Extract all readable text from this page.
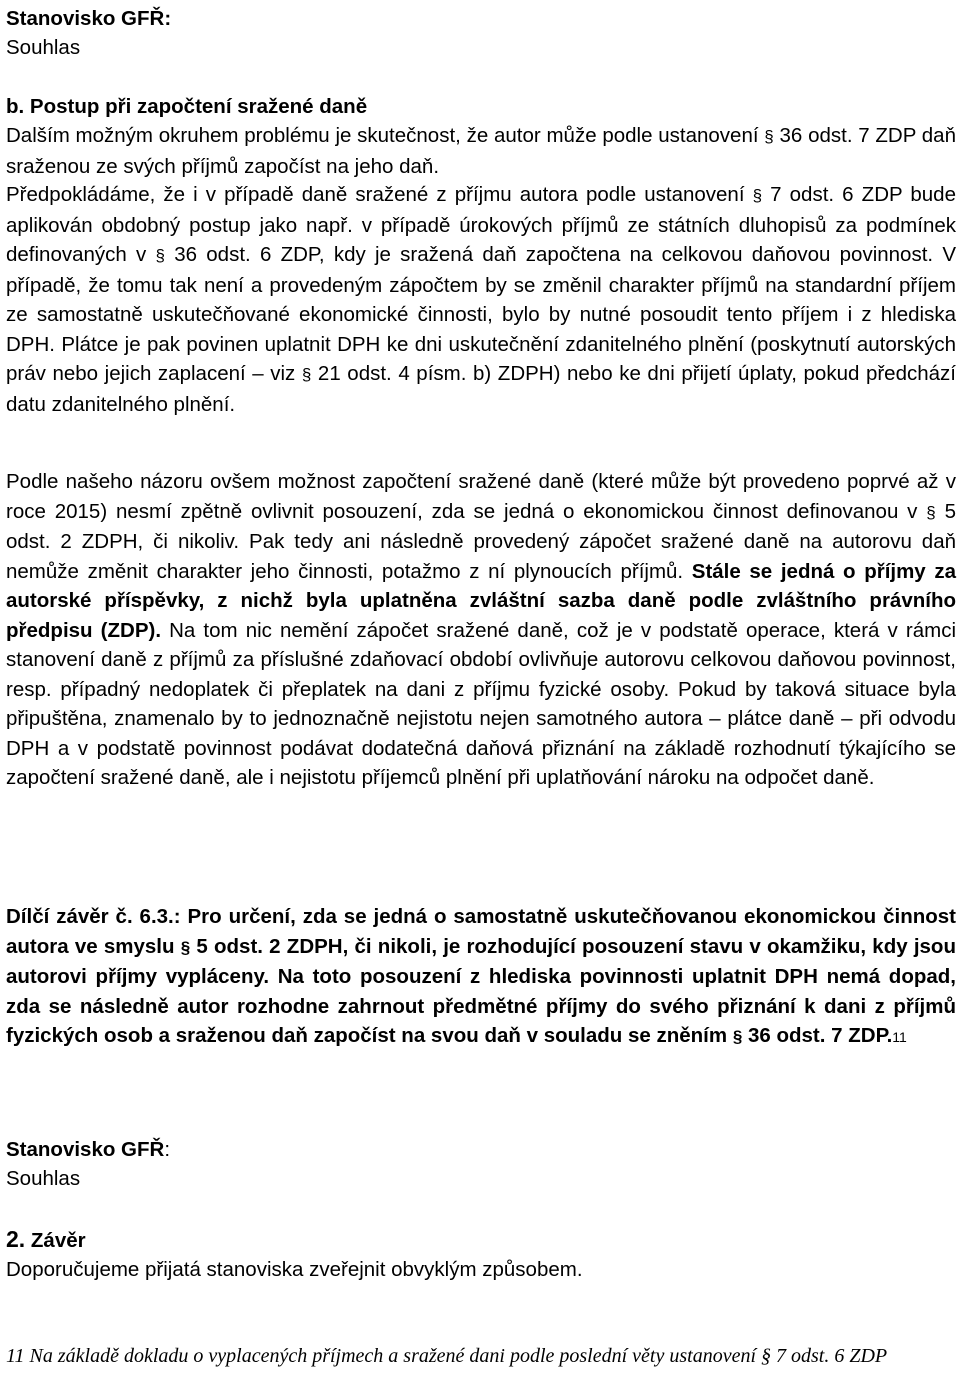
Stanovisko GFŘ:
Souhlas
b. Postup při započtení sražené daně
Dalším možným okruhem problému je skutečnost, že autor může podle ustanovení § 36 odst. 7 ZDP daň sraženou ze svých příjmů započíst na jeho daň.
Předpokládáme, že i v případě daně sražené z příjmu autora podle ustanovení § 7 odst. 6 ZDP bude aplikován obdobný postup jako např. v případě úrokových příjmů ze státních dluhopisů za podmínek definovaných v § 36 odst. 6 ZDP, kdy je sražená daň započtena na celkovou daňovou povinnost. V případě, že tomu tak není a provedeným zápočtem by se změnil charakter příjmů na standardní příjem ze samostatně uskutečňované ekonomické činnosti, bylo by nutné posoudit tento příjem i z hlediska DPH. Plátce je pak povinen uplatnit DPH ke dni uskutečnění zdanitelného plnění (poskytnutí autorských práv nebo jejich zaplacení – viz § 21 odst. 4 písm. b) ZDPH) nebo ke dni přijetí úplaty, pokud předchází datu zdanitelného plnění.
Podle našeho názoru ovšem možnost započtení sražené daně (které může být provedeno poprvé až v roce 2015) nesmí zpětně ovlivnit posouzení, zda se jedná o ekonomickou činnost definovanou v § 5 odst. 2 ZDPH, či nikoliv. Pak tedy ani následně provedený zápočet sražené daně na autorovu daň nemůže změnit charakter jeho činnosti, potažmo z ní plynoucích příjmů. Stále se jedná o příjmy za autorské příspěvky, z nichž byla uplatněna zvláštní sazba daně podle zvláštního právního předpisu (ZDP). Na tom nic nemění zápočet sražené daně, což je v podstatě operace, která v rámci stanovení daně z příjmů za příslušné zdaňovací období ovlivňuje autorovu celkovou daňovou povinnost, resp. případný nedoplatek či přeplatek na dani z příjmu fyzické osoby. Pokud by taková situace byla připuštěna, znamenalo by to jednoznačně nejistotu nejen samotného autora – plátce daně – při odvodu DPH a v podstatě povinnost podávat dodatečná daňová přiznání na základě rozhodnutí týkajícího se započtení sražené daně, ale i nejistotu příjemců plnění při uplatňování nároku na odpočet daně.
Dílčí závěr č. 6.3.: Pro určení, zda se jedná o samostatně uskutečňovanou ekonomickou činnost autora ve smyslu § 5 odst. 2 ZDPH, či nikoli, je rozhodující posouzení stavu v okamžiku, kdy jsou autorovi příjmy vypláceny. Na toto posouzení z hlediska povinnosti uplatnit DPH nemá dopad, zda se následně autor rozhodne zahrnout předmětné příjmy do svého přiznání k dani z příjmů fyzických osob a sraženou daň započíst na svou daň v souladu se zněním § 36 odst. 7 ZDP.11
Stanovisko GFŘ:
Souhlas
2. Závěr
Doporučujeme přijatá stanoviska zveřejnit obvyklým způsobem.
11 Na základě dokladu o vyplacených příjmech a sražené dani podle poslední věty ustanovení § 7 odst. 6 ZDP
